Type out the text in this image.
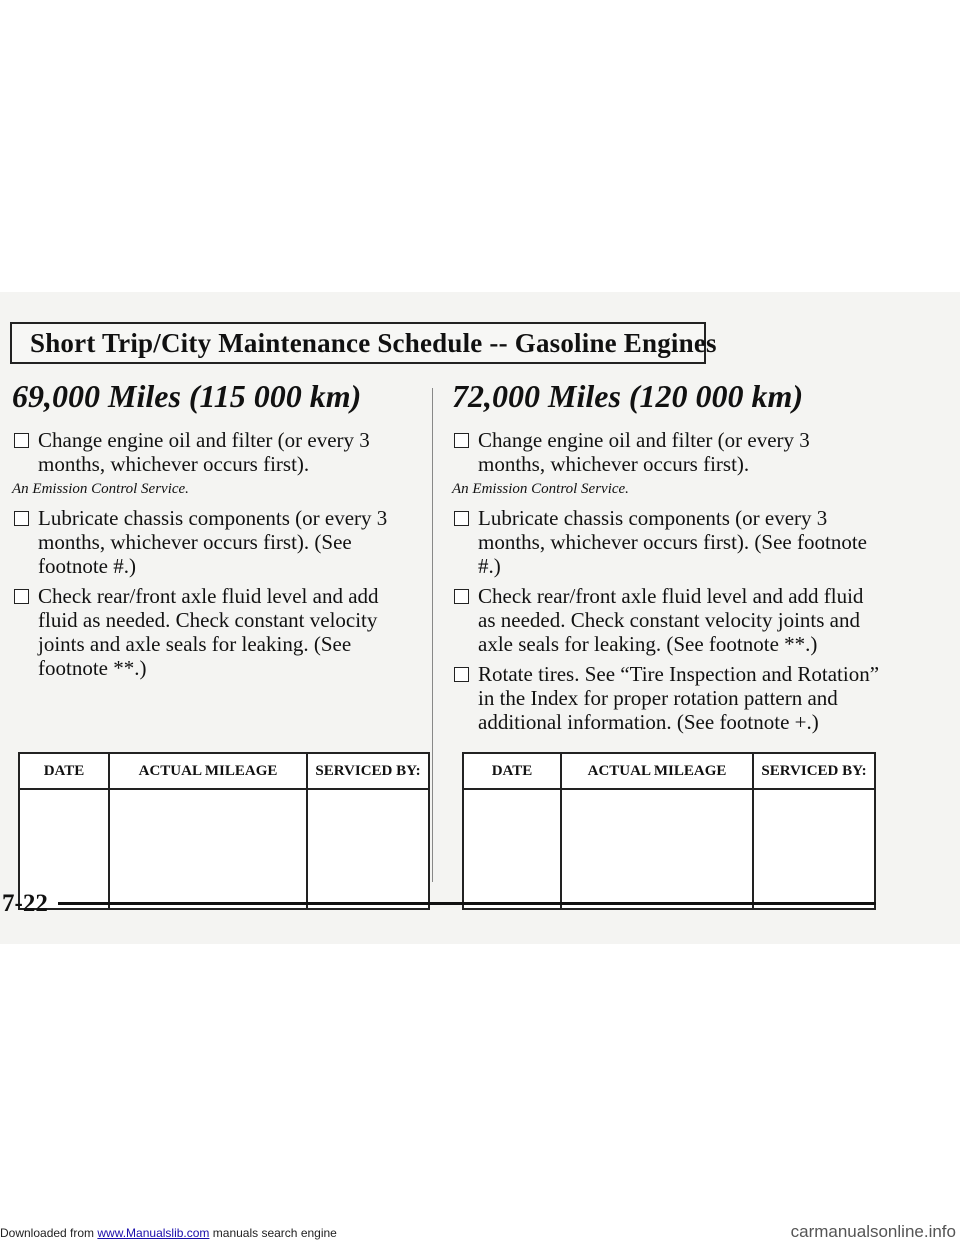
Short Trip/City Maintenance Schedule -- Gasoline Engines
69,000 Miles (115 000 km)
Change engine oil and filter (or every 3 months, whichever occurs first).
An Emission Control Service.
Lubricate chassis components (or every 3 months, whichever occurs first). (See footnote #.)
Check rear/front axle fluid level and add fluid as needed. Check constant velocity joints and axle seals for leaking. (See footnote **.)
72,000 Miles (120 000 km)
Change engine oil and filter (or every 3 months, whichever occurs first).
An Emission Control Service.
Lubricate chassis components (or every 3 months, whichever occurs first). (See footnote #.)
Check rear/front axle fluid level and add fluid as needed. Check constant velocity joints and axle seals for leaking. (See footnote **.)
Rotate tires. See “Tire Inspection and Rotation” in the Index for proper rotation pattern and additional information. (See footnote +.)
DATE	ACTUAL MILEAGE	SERVICED BY:
			DATE	ACTUAL MILEAGE	SERVICED BY:

7-22
Downloaded from www.Manualslib.com manuals search engine	carmanualsonline.info
